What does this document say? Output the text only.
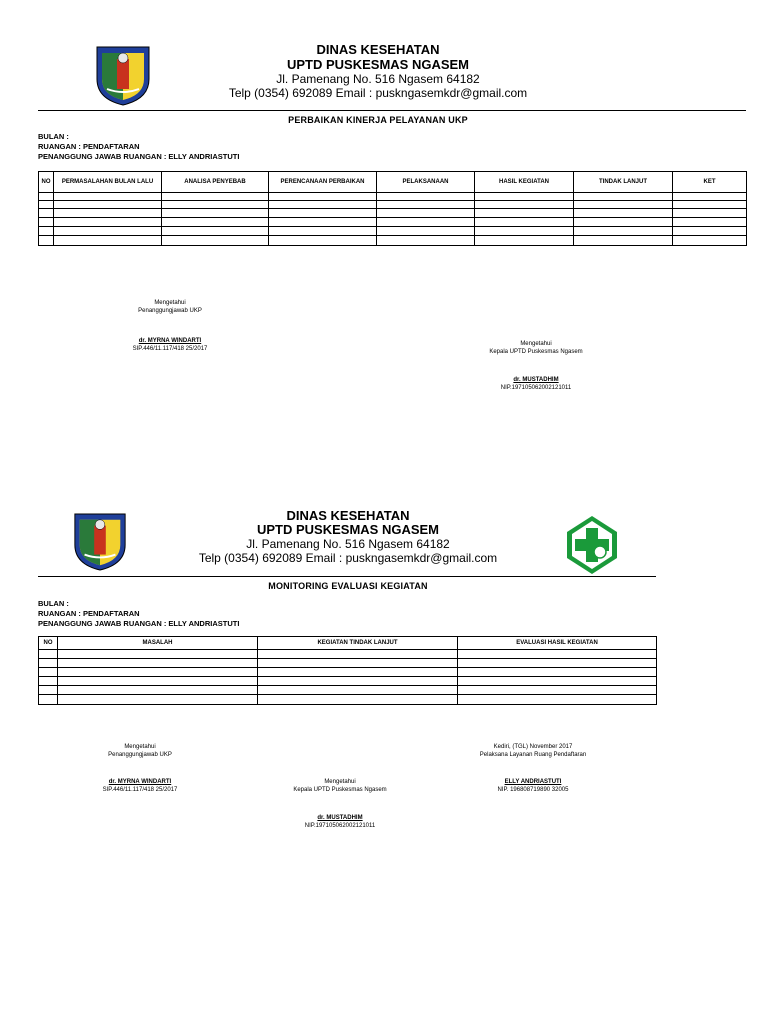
DINAS KESEHATAN
UPTD PUSKESMAS NGASEM
Jl. Pamenang No. 516 Ngasem 64182
Telp (0354) 692089 Email : puskngasemkdr@gmail.com
PERBAIKAN KINERJA PELAYANAN UKP
BULAN :
RUANGAN : PENDAFTARAN
PENANGGUNG JAWAB RUANGAN : ELLY ANDRIASTUTI
NO	PERMASALAHAN BULAN LALU	ANALISA PENYEBAB	PERENCANAAN PERBAIKAN	PELAKSANAAN	HASIL KEGIATAN	TINDAK LANJUT	KET

Mengetahui
Penanggungjawab UKP
dr. MYRNA WINDARTI
SIP.446/11.117/418 25/2017
Mengetahui
Kepala UPTD Puskesmas Ngasem
dr. MUSTADHIM
NIP.197105062002121011
DINAS KESEHATAN
UPTD PUSKESMAS NGASEM
Jl. Pamenang No. 516 Ngasem 64182
Telp (0354) 692089 Email : puskngasemkdr@gmail.com
MONITORING EVALUASI KEGIATAN
BULAN :
RUANGAN : PENDAFTARAN
PENANGGUNG JAWAB RUANGAN : ELLY ANDRIASTUTI
NO	MASALAH	KEGIATAN TINDAK LANJUT	EVALUASI HASIL KEGIATAN

Mengetahui
Penanggungjawab UKP
dr. MYRNA WINDARTI
SIP.446/11.117/418 25/2017
Mengetahui
Kepala UPTD Puskesmas Ngasem
dr. MUSTADHIM
NIP.197105062002121011
Kediri, (TGL) November 2017
Pelaksana Layanan Ruang Pendaftaran
ELLY ANDRIASTUTI
NIP. 196808719890 32005
